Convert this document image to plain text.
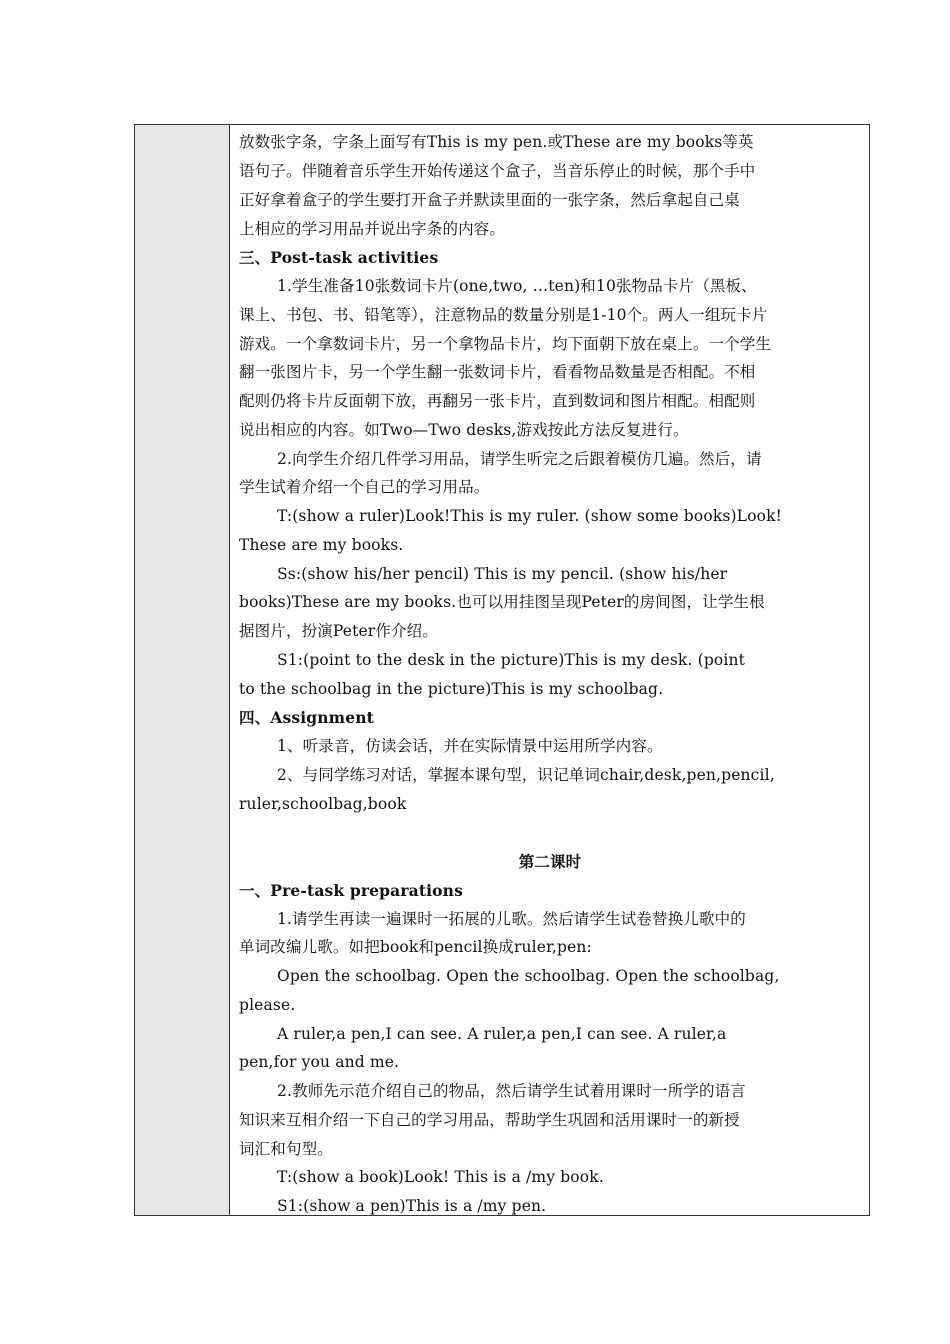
放数张字条，字条上面写有This is my pen.或These are my books等英
语句子。伴随着音乐学生开始传递这个盒子，当音乐停止的时候，那个手中
正好拿着盒子的学生要打开盒子并默读里面的一张字条，然后拿起自己桌
上相应的学习用品并说出字条的内容。
三、Post-task activities
1.学生准备10张数词卡片(one,two, …ten)和10张物品卡片（黑板、
课上、书包、书、铅笔等），注意物品的数量分别是1-10个。两人一组玩卡片
游戏。一个拿数词卡片，另一个拿物品卡片，均下面朝下放在桌上。一个学生
翻一张图片卡，另一个学生翻一张数词卡片，看看物品数量是否相配。不相
配则仍将卡片反面朝下放，再翻另一张卡片，直到数词和图片相配。相配则
说出相应的内容。如Two—Two desks,游戏按此方法反复进行。
2.向学生介绍几件学习用品，请学生听完之后跟着模仿几遍。然后，请
学生试着介绍一个自己的学习用品。
T:(show a ruler)Look!This is my ruler. (show some books)Look!
These are my books.
Ss:(show his/her pencil) This is my pencil. (show his/her
books)These are my books.也可以用挂图呈现Peter的房间图，让学生根
据图片，扮演Peter作介绍。
S1:(point to the desk in the picture)This is my desk. (point
to the schoolbag in the picture)This is my schoolbag.
四、Assignment
1、听录音，仿读会话，并在实际情景中运用所学内容。
2、与同学练习对话，掌握本课句型，识记单词chair,desk,pen,pencil,
ruler,schoolbag,book
第二课时
一、Pre-task preparations
1.请学生再读一遍课时一拓展的儿歌。然后请学生试卷替换儿歌中的
单词改编儿歌。如把book和pencil换成ruler,pen:
Open the schoolbag. Open the schoolbag. Open the schoolbag,
please.
A ruler,a pen,I can see. A ruler,a pen,I can see. A ruler,a
pen,for you and me.
2.教师先示范介绍自己的物品，然后请学生试着用课时一所学的语言
知识来互相介绍一下自己的学习用品，帮助学生巩固和活用课时一的新授
词汇和句型。
T:(show a book)Look! This is a /my book.
S1:(show a pen)This is a /my pen.
